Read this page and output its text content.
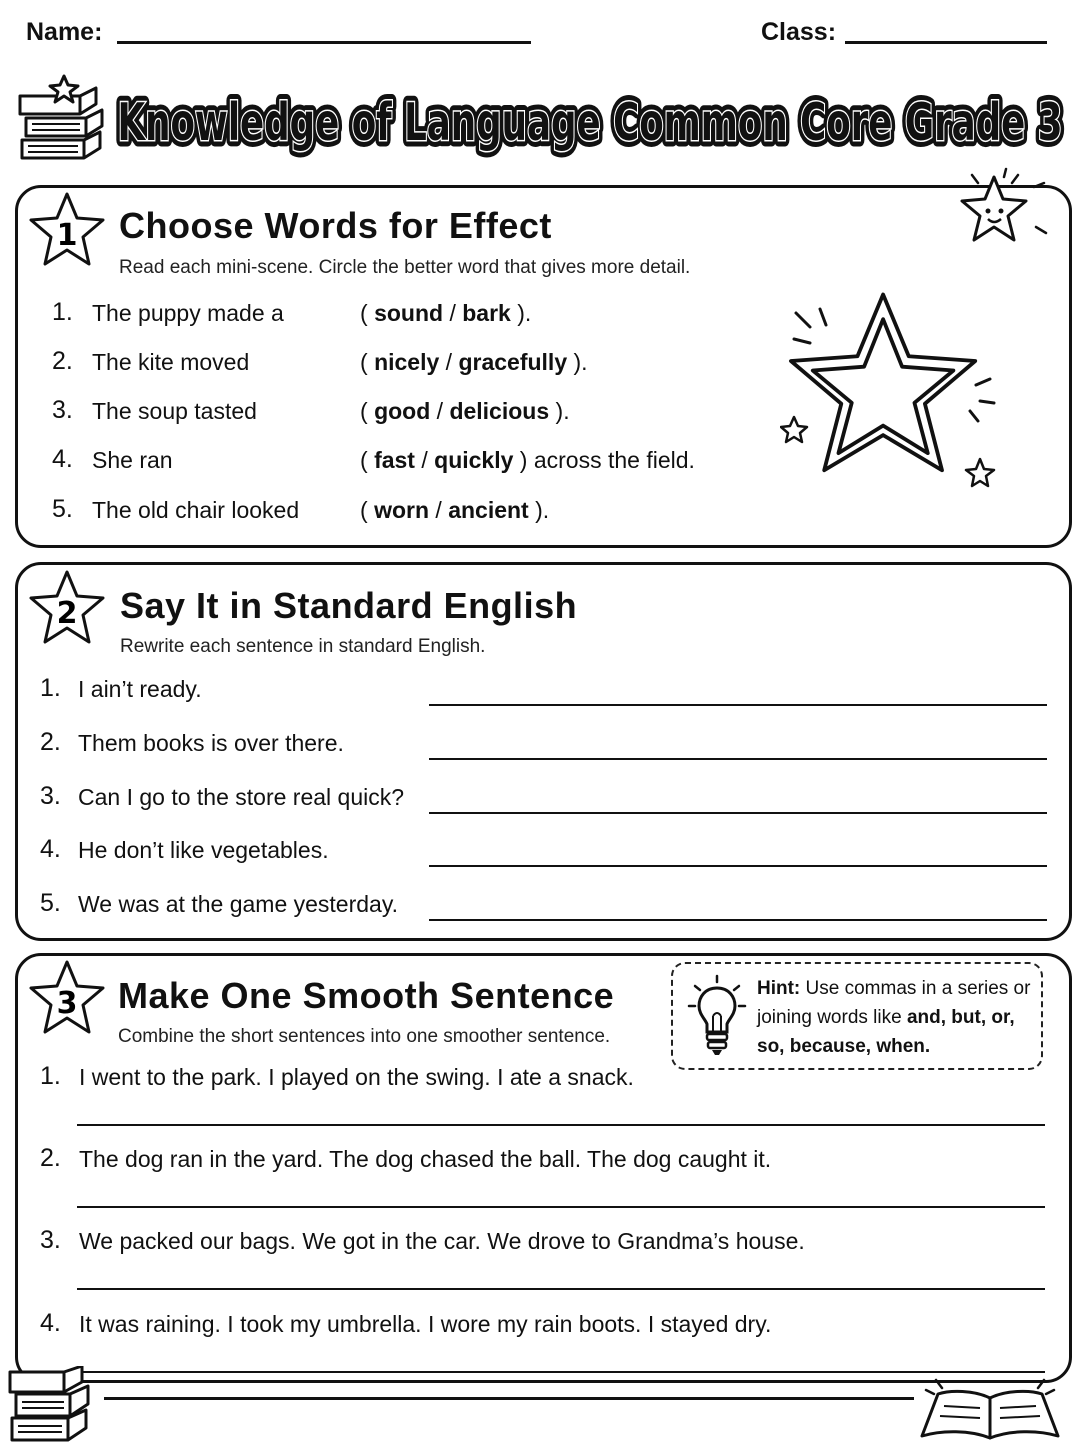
Name:	Class:
Knowledge of Language Common Core Grade 3
Knowledge of Language Common Core Grade 3
1 Choose Words for Effect
Read each mini-scene. Circle the better word that gives more detail.
1. The puppy made a	( sound / bark ).
2. The kite moved	( nicely / gracefully ).
3. The soup tasted	( good / delicious ).
4. She ran	( fast / quickly ) across the field.
5. The old chair looked	( worn / ancient ).
2 Say It in Standard English
Rewrite each sentence in standard English.
1. I ain’t ready.
2. Them books is over there.
3. Can I go to the store real quick?
4. He don’t like vegetables.
5. We was at the game yesterday.
3 Make One Smooth Sentence
Combine the short sentences into one smoother sentence.
Hint: Use commas in a series or joining words like and, but, or, so, because, when.
1. I went to the park. I played on the swing. I ate a snack.
2. The dog ran in the yard. The dog chased the ball. The dog caught it.
3. We packed our bags. We got in the car. We drove to Grandma’s house.
4. It was raining. I took my umbrella. I wore my rain boots. I stayed dry.
